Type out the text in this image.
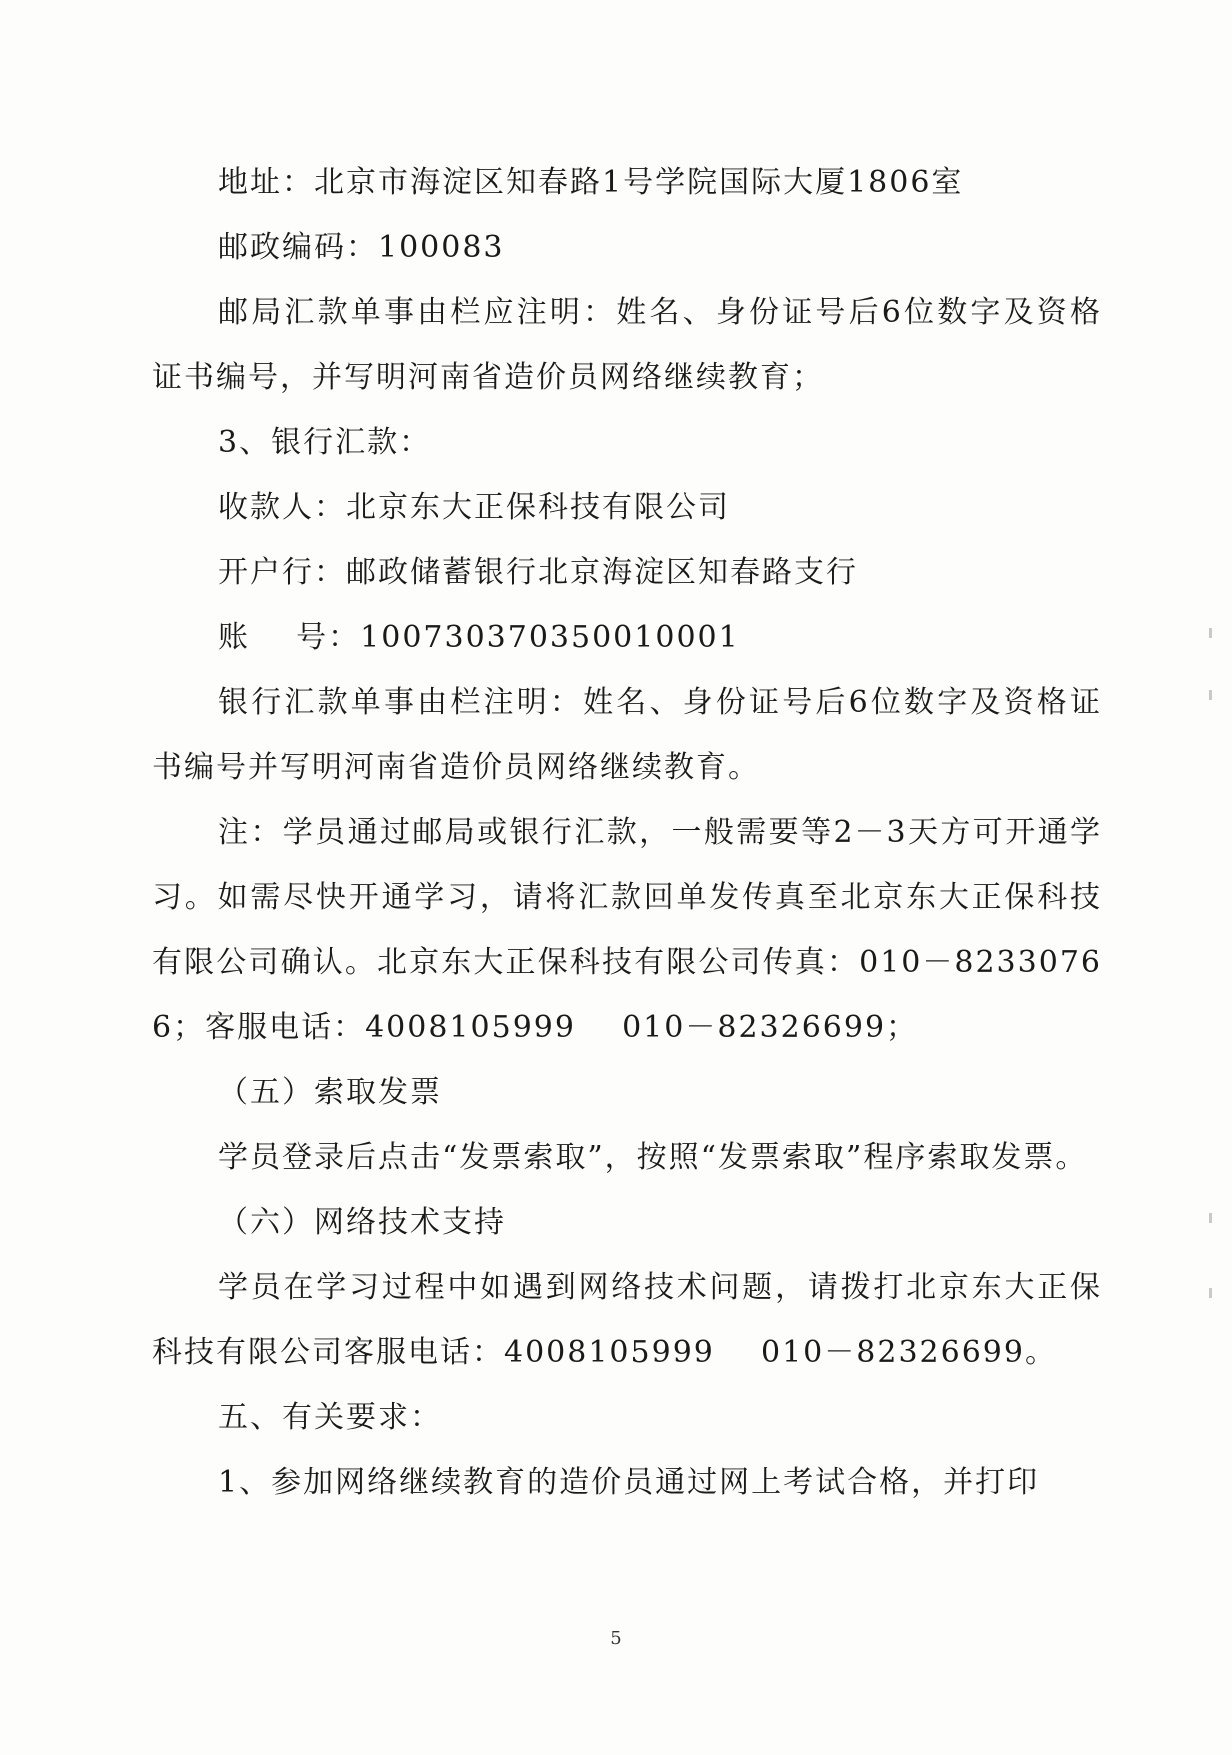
地址：北京市海淀区知春路1号学院国际大厦1806室

邮政编码：100083

邮局汇款单事由栏应注明：姓名、身份证号后6位数字及资格证书编号，并写明河南省造价员网络继续教育；

3、银行汇款：

收款人：北京东大正保科技有限公司

开户行：邮政储蓄银行北京海淀区知春路支行

账    号：100730370350010001

银行汇款单事由栏注明：姓名、身份证号后6位数字及资格证书编号并写明河南省造价员网络继续教育。

注：学员通过邮局或银行汇款，一般需要等2－3天方可开通学习。如需尽快开通学习，请将汇款回单发传真至北京东大正保科技有限公司确认。北京东大正保科技有限公司传真：010－82330766；客服电话：4008105999    010－82326699；

（五）索取发票

学员登录后点击“发票索取”，按照“发票索取”程序索取发票。

（六）网络技术支持

学员在学习过程中如遇到网络技术问题，请拨打北京东大正保科技有限公司客服电话：4008105999    010－82326699。

五、有关要求：

1、参加网络继续教育的造价员通过网上考试合格，并打印

5
